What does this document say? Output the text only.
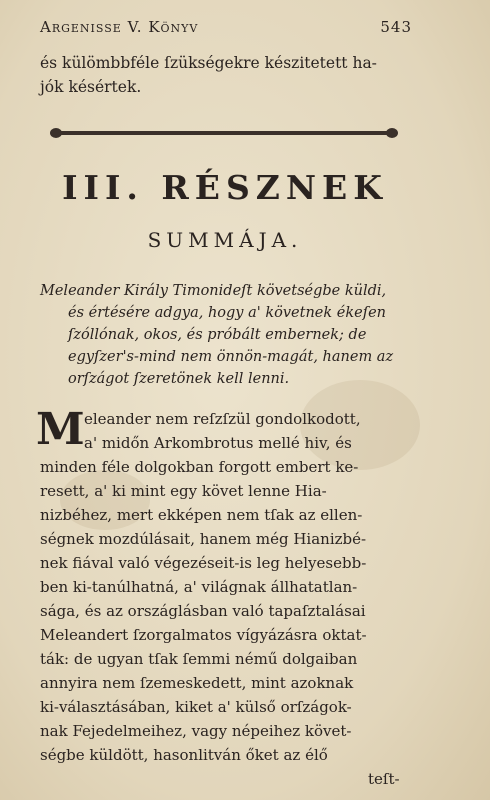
Argenisse V. Könyv	543
és külömbbféle ſzükségekre készitetett ha-
jók késértek.
III. RÉSZNEK
SUMMÁJA.
Meleander Király Timonideſt követségbe küldi,
és értésére adgya, hogy a' követnek ékeſen
ſzóllónak, okos, és próbált embernek; de
egyſzer's-mind nem önnön-magát, hanem az
orſzágot ſzeretönek kell lenni.
M eleander nem reſzſzül gondolkodott,
a' midőn Arkombrotus mellé hiv, és
minden féle dolgokban forgott embert ke-
resett, a' ki mint egy követ lenne Hia-
nizbéhez, mert ekképen nem tſak az ellen-
ségnek mozdúlásait, hanem még Hianizbé-
nek fiával való végezéseit-is leg helyesebb-
ben ki-tanúlhatná, a' világnak állhatatlan-
sága, és az országlásban való tapaſztalásai
Meleandert ſzorgalmatos vígyázásra oktat-
ták: de ugyan tſak ſemmi némű dolgaiban
annyira nem ſzemeskedett, mint azoknak
ki-választásában, kiket a' külső orſzágok-
nak Fejedelmeihez, vagy népeihez követ-
ségbe küldött, hasonlitván őket az élő
teſt-
